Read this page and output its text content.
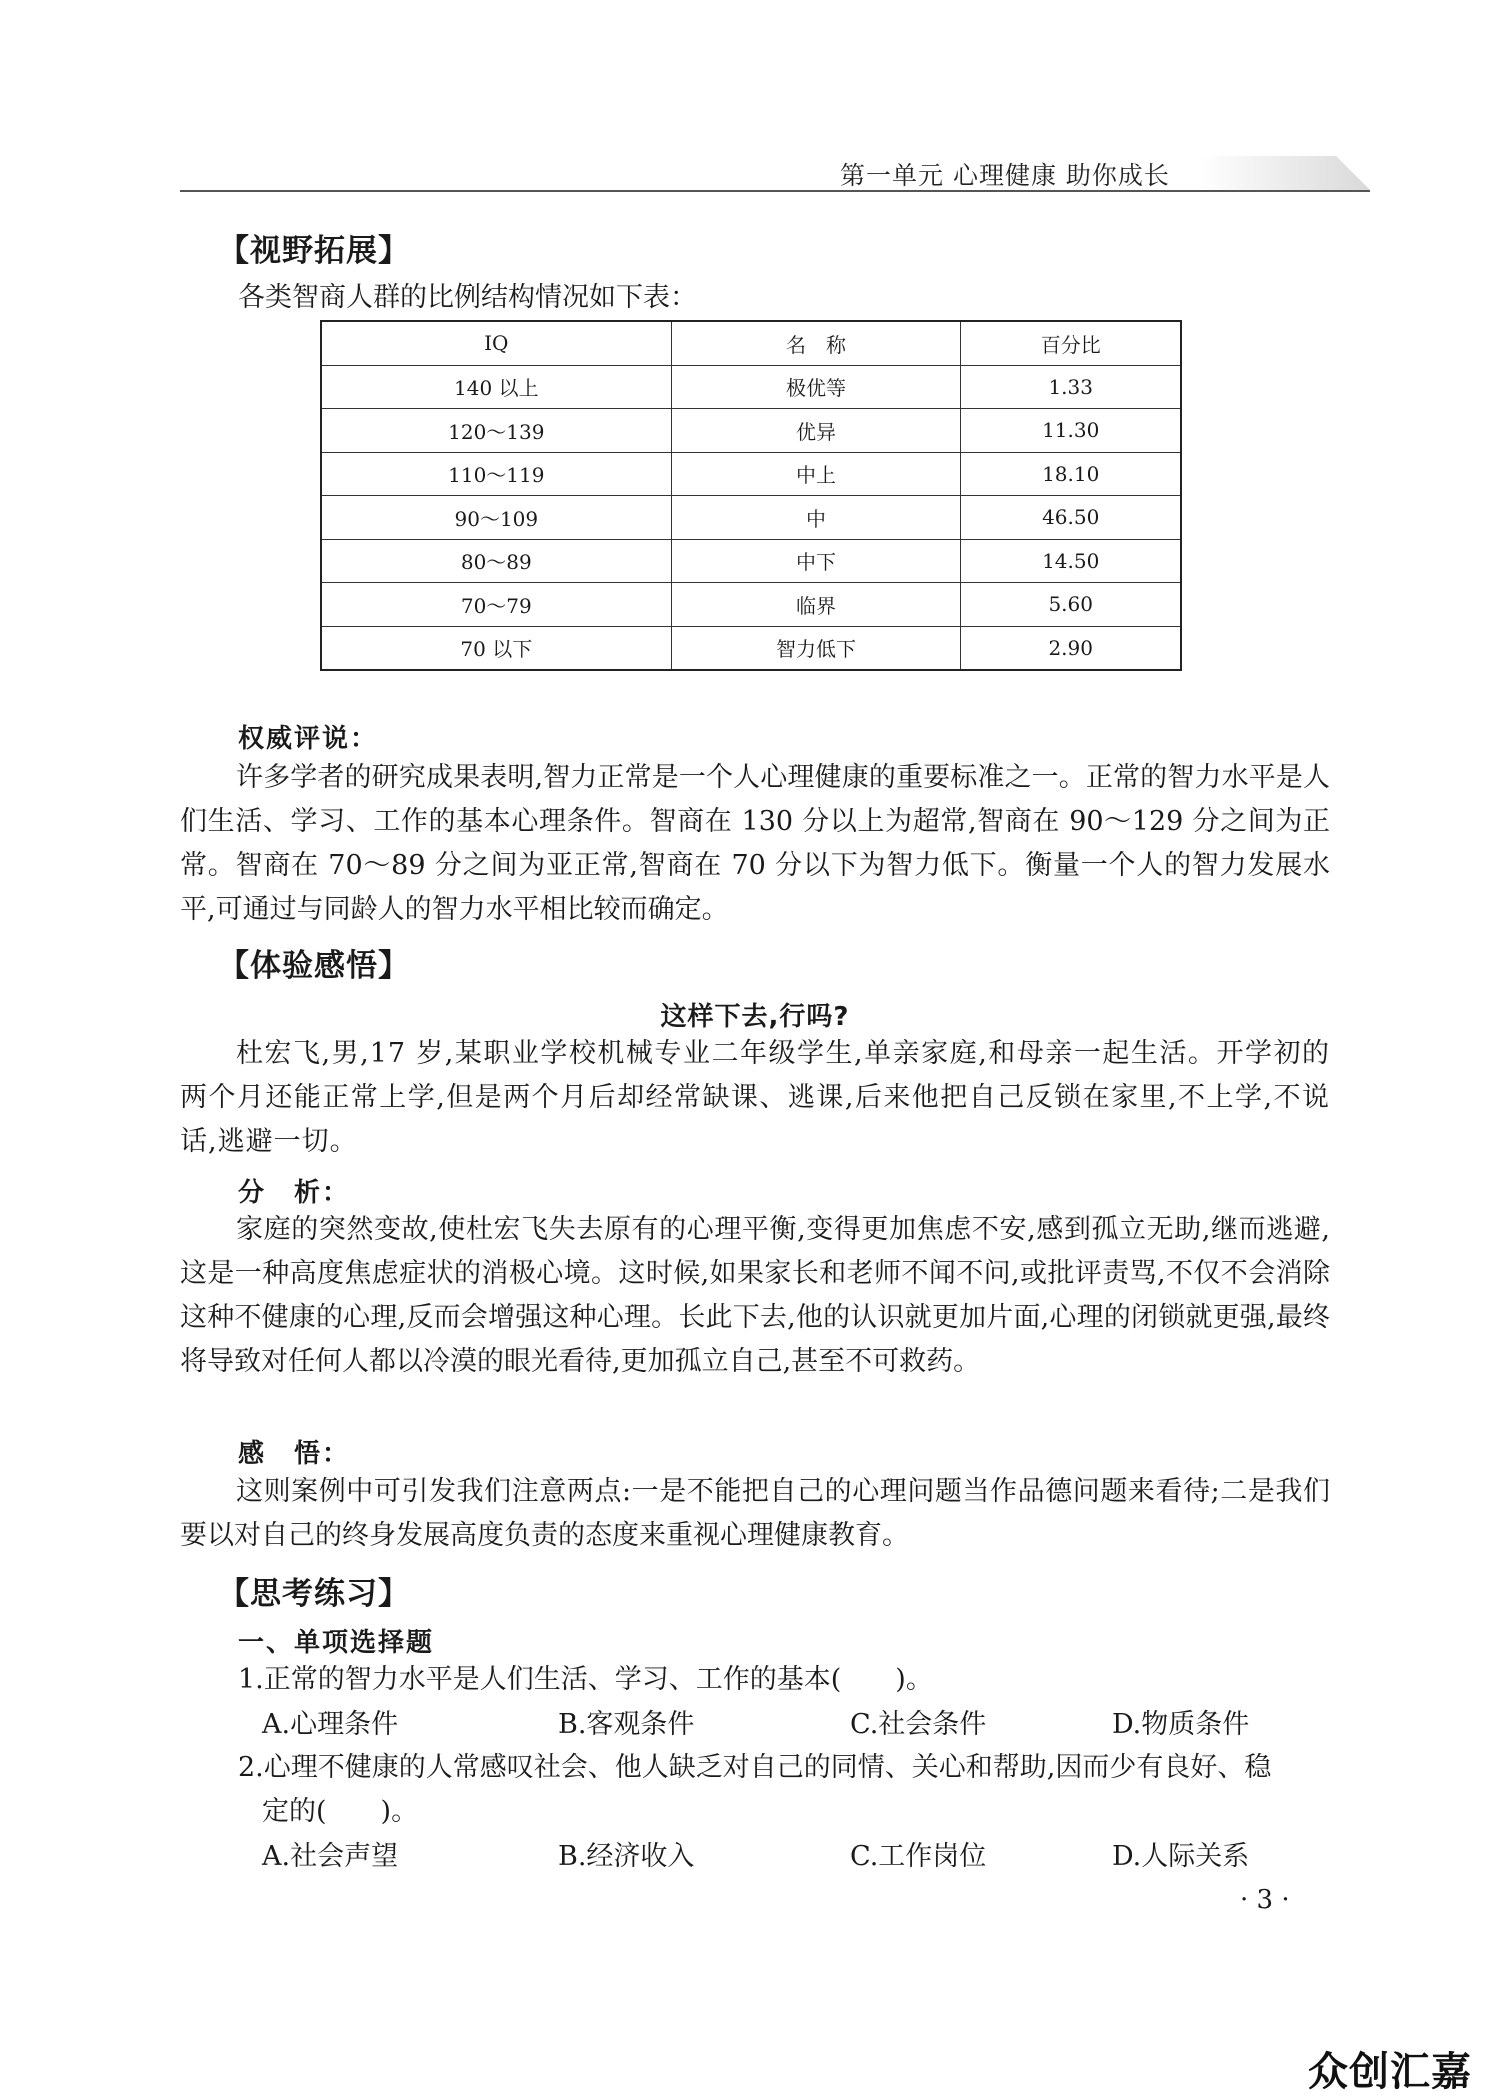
第一单元 心理健康 助你成长
【视野拓展】
各类智商人群的比例结构情况如下表：
IQ	名　称	百分比
140 以上	极优等	1.33
120～139	优异	11.30
110～119	中上	18.10
90～109	中	46.50
80～89	中下	14.50
70～79	临界	5.60
70 以下	智力低下	2.90
权威评说：

许多学者的研究成果表明,智力正常是一个人心理健康的重要标准之一。正常的智力水平是人们生活、学习、工作的基本心理条件。智商在 130 分以上为超常,智商在 90～129 分之间为正常。智商在 70～89 分之间为亚正常,智商在 70 分以下为智力低下。衡量一个人的智力发展水平,可通过与同龄人的智力水平相比较而确定。

【体验感悟】
这样下去,行吗?

杜宏飞,男,17 岁,某职业学校机械专业二年级学生,单亲家庭,和母亲一起生活。开学初的两个月还能正常上学,但是两个月后却经常缺课、逃课,后来他把自己反锁在家里,不上学,不说话,逃避一切。

分　析：

家庭的突然变故,使杜宏飞失去原有的心理平衡,变得更加焦虑不安,感到孤立无助,继而逃避,这是一种高度焦虑症状的消极心境。这时候,如果家长和老师不闻不问,或批评责骂,不仅不会消除这种不健康的心理,反而会增强这种心理。长此下去,他的认识就更加片面,心理的闭锁就更强,最终将导致对任何人都以冷漠的眼光看待,更加孤立自己,甚至不可救药。

感　悟：

这则案例中可引发我们注意两点:一是不能把自己的心理问题当作品德问题来看待;二是我们要以对自己的终身发展高度负责的态度来重视心理健康教育。

【思考练习】
一、单项选择题

1.正常的智力水平是人们生活、学习、工作的基本(　　)。

A.心理条件	B.客观条件	C.社会条件	D.物质条件

2.心理不健康的人常感叹社会、他人缺乏对自己的同情、关心和帮助,因而少有良好、稳

定的(　　)。

A.社会声望	B.经济收入	C.工作岗位	D.人际关系
· 3 ·
众创汇嘉
